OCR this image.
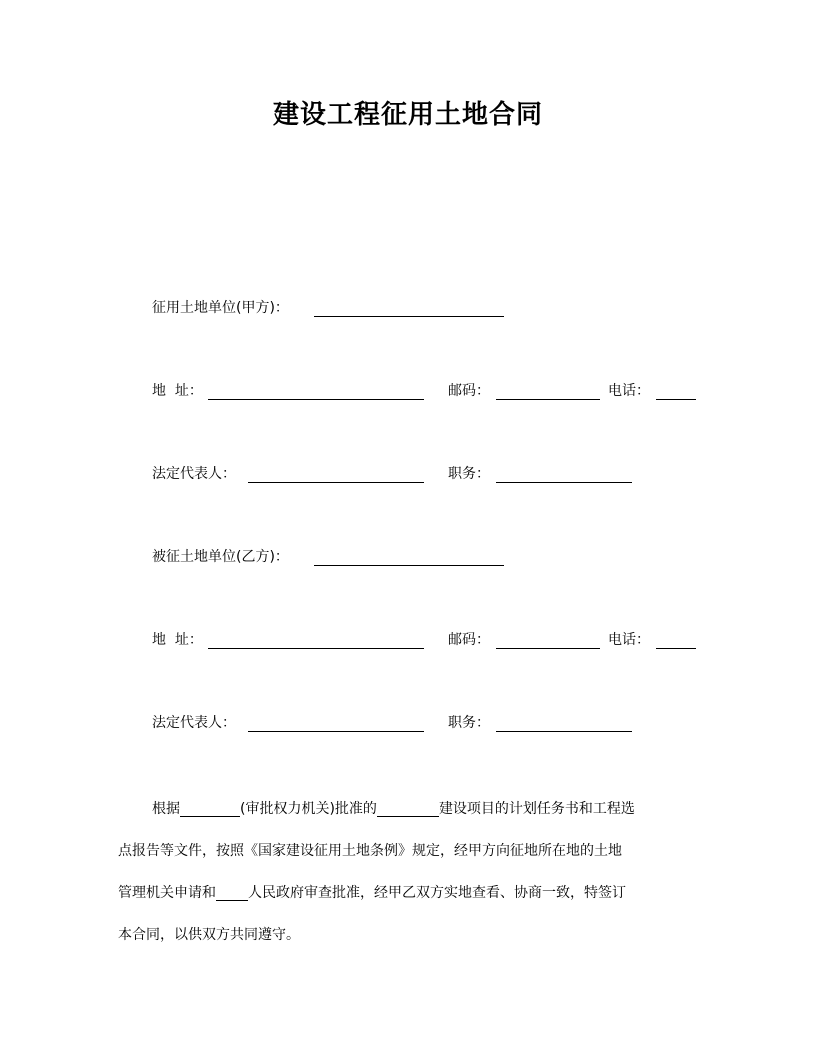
建设工程征用土地合同
征用土地单位(甲方)：
地  址：	邮码：	电话：
法定代表人：	职务：
被征土地单位(乙方)：
地  址：	邮码：	电话：
法定代表人：	职务：
根据	(审批权力机关)批准的	建设项目的计划任务书和工程选
点报告等文件，按照《国家建设征用土地条例》规定，经甲方向征地所在地的土地
管理机关申请和 人民政府审查批准，经甲乙双方实地查看、协商一致，特签订
本合同，以供双方共同遵守。
